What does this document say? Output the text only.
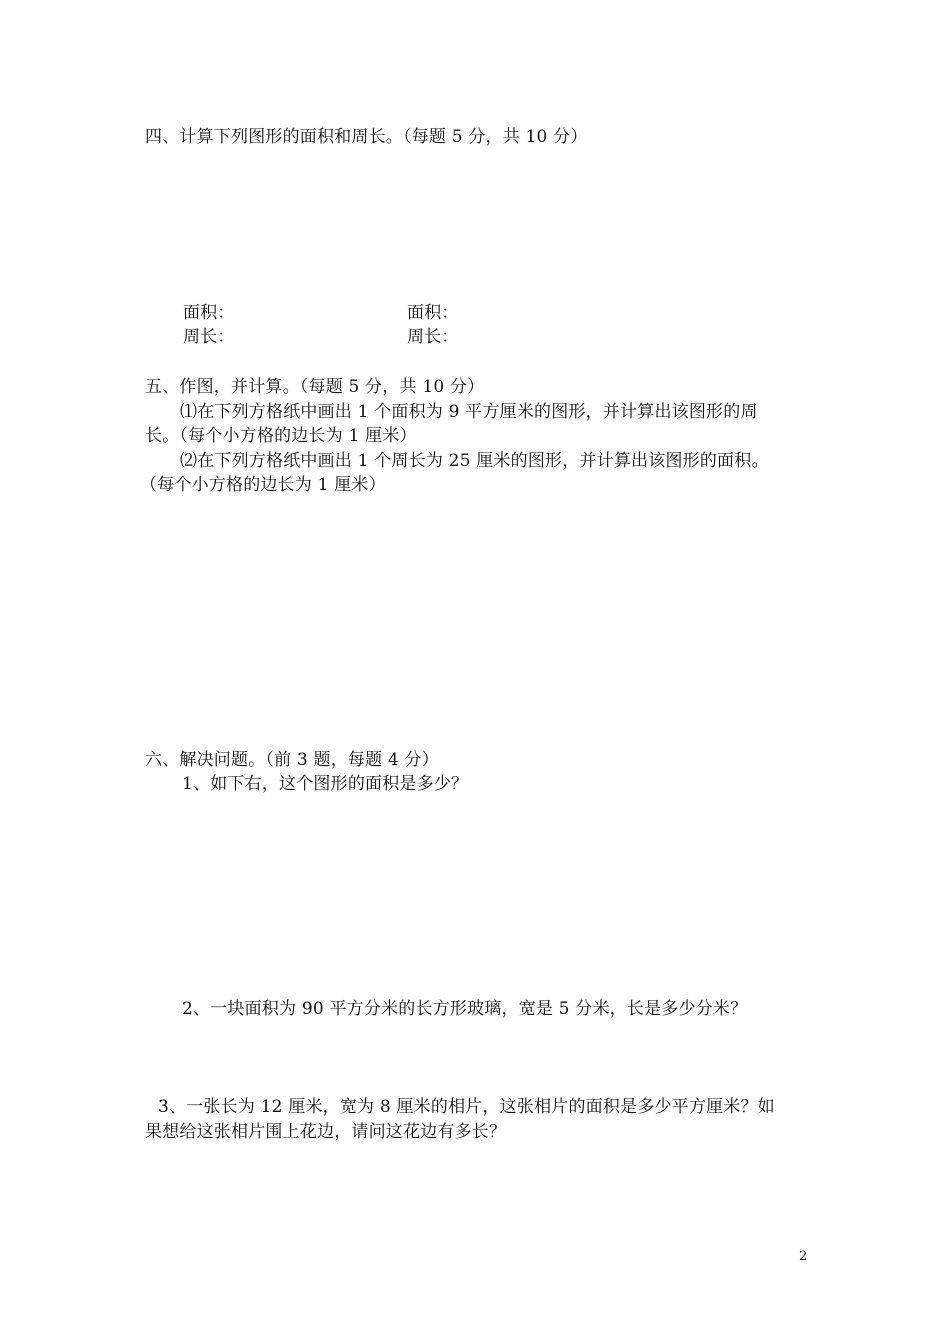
四、计算下列图形的面积和周长。（每题 5 分，共 10 分）
面积：	面积：
周长：	周长：
五、作图，并计算。（每题 5 分，共 10 分）
⑴在下列方格纸中画出 1 个面积为 9 平方厘米的图形，并计算出该图形的周
长。（每个小方格的边长为 1 厘米）
⑵在下列方格纸中画出 1 个周长为 25 厘米的图形，并计算出该图形的面积。
（每个小方格的边长为 1 厘米）
六、解决问题。（前 3 题，每题 4 分）
1、如下右，这个图形的面积是多少？
2、一块面积为 90 平方分米的长方形玻璃，宽是 5 分米，长是多少分米？
3、一张长为 12 厘米，宽为 8 厘米的相片，这张相片的面积是多少平方厘米？如
果想给这张相片围上花边，请问这花边有多长？
2
